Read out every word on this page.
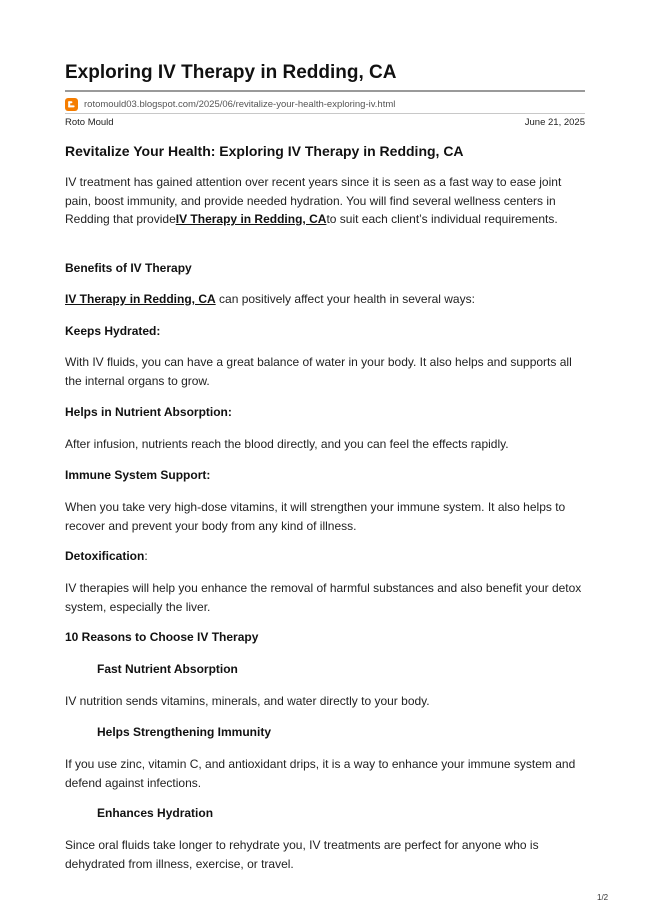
Exploring IV Therapy in Redding, CA
rotomould03.blogspot.com/2025/06/revitalize-your-health-exploring-iv.html
Roto Mould	June 21, 2025
Revitalize Your Health: Exploring IV Therapy in Redding, CA

IV treatment has gained attention over recent years since it is seen as a fast way to ease joint pain, boost immunity, and provide needed hydration. You will find several wellness centers in Redding that provideIV Therapy in Redding, CAto suit each client’s individual requirements.

Benefits of IV Therapy

IV Therapy in Redding, CA can positively affect your health in several ways:

Keeps Hydrated:

With IV fluids, you can have a great balance of water in your body. It also helps and supports all the internal organs to grow.

Helps in Nutrient Absorption:

After infusion, nutrients reach the blood directly, and you can feel the effects rapidly.

Immune System Support:

When you take very high-dose vitamins, it will strengthen your immune system. It also helps to recover and prevent your body from any kind of illness.

Detoxification:

IV therapies will help you enhance the removal of harmful substances and also benefit your detox system, especially the liver.

10 Reasons to Choose IV Therapy
Fast Nutrient Absorption

IV nutrition sends vitamins, minerals, and water directly to your body.

Helps Strengthening Immunity

If you use zinc, vitamin C, and antioxidant drips, it is a way to enhance your immune system and defend against infections.

Enhances Hydration

Since oral fluids take longer to rehydrate you, IV treatments are perfect for anyone who is dehydrated from illness, exercise, or travel.

1/2
